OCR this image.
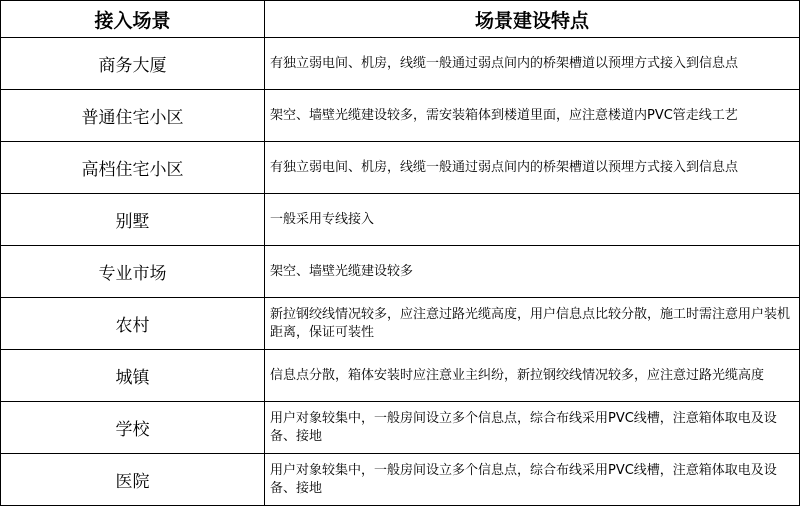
接入场景	场景建设特点
商务大厦	有独立弱电间、机房，线缆一般通过弱点间内的桥架槽道以预埋方式接入到信息点
普通住宅小区	架空、墙壁光缆建设较多，需安装箱体到楼道里面，应注意楼道内PVC管走线工艺
高档住宅小区	有独立弱电间、机房，线缆一般通过弱点间内的桥架槽道以预埋方式接入到信息点
别墅	一般采用专线接入
专业市场	架空、墙壁光缆建设较多
农村	新拉钢绞线情况较多，应注意过路光缆高度，用户信息点比较分散，施工时需注意用户装机距离，保证可装性
城镇	信息点分散，箱体安装时应注意业主纠纷，新拉钢绞线情况较多，应注意过路光缆高度
学校	用户对象较集中，一般房间设立多个信息点，综合布线采用PVC线槽，注意箱体取电及设备、接地
医院	用户对象较集中，一般房间设立多个信息点，综合布线采用PVC线槽，注意箱体取电及设备、接地
